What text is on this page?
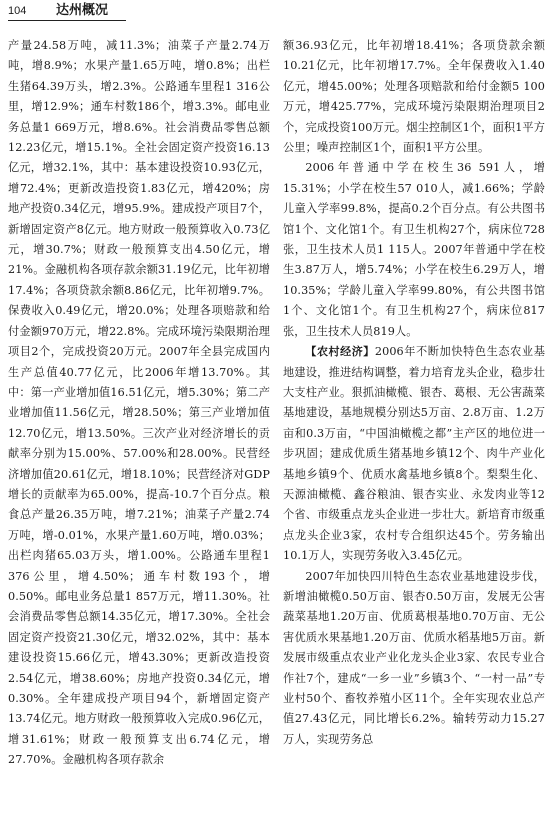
104 达州概况

产量24.58万吨，减11.3%；油菜子产量2.74万吨，增8.9%；水果产量1.65万吨，增0.8%；出栏生猪64.39万头，增2.3%。公路通车里程1 316公里，增12.9%；通车村数186个，增3.3%。邮电业务总量1 669万元，增8.6%。社会消费品零售总额12.23亿元，增15.1%。全社会固定资产投资16.13亿元，增32.1%，其中：基本建设投资10.93亿元，增72.4%；更新改造投资1.83亿元，增420%；房地产投资0.34亿元，增95.9%。建成投产项目7个，新增固定资产8亿元。地方财政一般预算收入0.73亿元，增30.7%；财政一般预算支出4.50亿元，增21%。金融机构各项存款余额31.19亿元，比年初增17.4%；各项贷款余额8.86亿元，比年初增9.7%。保费收入0.49亿元，增20.0%；处理各项赔款和给付金额970万元，增22.8%。完成环境污染限期治理项目2个，完成投资20万元。2007年全县完成国内生产总值40.77亿元，比2006年增13.70%。其中：第一产业增加值16.51亿元，增5.30%；第二产业增加值11.56亿元，增28.50%；第三产业增加值12.70亿元，增13.50%。三次产业对经济增长的贡献率分别为15.00%、57.00%和28.00%。民营经济增加值20.61亿元，增18.10%；民营经济对GDP增长的贡献率为65.00%，提高-10.7个百分点。粮食总产量26.35万吨，增7.21%；油菜子产量2.74万吨，增-0.01%，水果产量1.60万吨，增0.03%；出栏肉猪65.03万头，增1.00%。公路通车里程1 376公里，增4.50%；通车村数193个，增0.50%。邮电业务总量1 857万元，增11.30%。社会消费品零售总额14.35亿元，增17.30%。全社会固定资产投资21.30亿元，增32.02%，其中：基本建设投资15.66亿元，增43.30%；更新改造投资2.54亿元，增38.60%；房地产投资0.34亿元，增0.30%。全年建成投产项目94个，新增固定资产13.74亿元。地方财政一般预算收入完成0.96亿元，增31.61%；财政一般预算支出6.74亿元，增27.70%。金融机构各项存款余

额36.93亿元，比年初增18.41%；各项贷款余额10.21亿元，比年初增17.7%。全年保费收入1.40亿元，增45.00%；处理各项赔款和给付金额5 100万元，增425.77%，完成环境污染限期治理项目2个，完成投资100万元。烟尘控制区1个，面积1平方公里；噪声控制区1个，面积1平方公里。

2006年普通中学在校生36 591人，增15.31%；小学在校生57 010人，减1.66%；学龄儿童入学率99.8%，提高0.2个百分点。有公共图书馆1个、文化馆1个。有卫生机构27个，病床位728张，卫生技术人员1 115人。2007年普通中学在校生3.87万人，增5.74%；小学在校生6.29万人，增10.35%；学龄儿童入学率99.80%，有公共图书馆1个、文化馆1个。有卫生机构27个，病床位817张，卫生技术人员819人。

【农村经济】2006年不断加快特色生态农业基地建设，推进结构调整，着力培育龙头企业，稳步壮大支柱产业。狠抓油橄榄、银杏、葛根、无公害蔬菜基地建设，基地规模分别达5万亩、2.8万亩、1.2万亩和0.3万亩，“中国油橄榄之都”主产区的地位进一步巩固；建成优质生猪基地乡镇12个、肉牛产业化基地乡镇9个、优质水禽基地乡镇8个。梨梨生化、天源油橄榄、鑫谷粮油、银杏实业、永发肉业等12个省、市级重点龙头企业进一步壮大。新培育市级重点龙头企业3家，农村专合组织达45个。劳务输出10.1万人，实现劳务收入3.45亿元。

2007年加快四川特色生态农业基地建设步伐，新增油橄榄0.50万亩、银杏0.50万亩，发展无公害蔬菜基地1.20万亩、优质葛根基地0.70万亩、无公害优质水果基地1.20万亩、优质水稻基地5万亩。新发展市级重点农业产业化龙头企业3家、农民专业合作社7个，建成“一乡一业”乡镇3个、“一村一品”专业村50个、畜牧养殖小区11个。全年实现农业总产值27.43亿元，同比增长6.2%。输转劳动力15.27万人，实现劳务总
